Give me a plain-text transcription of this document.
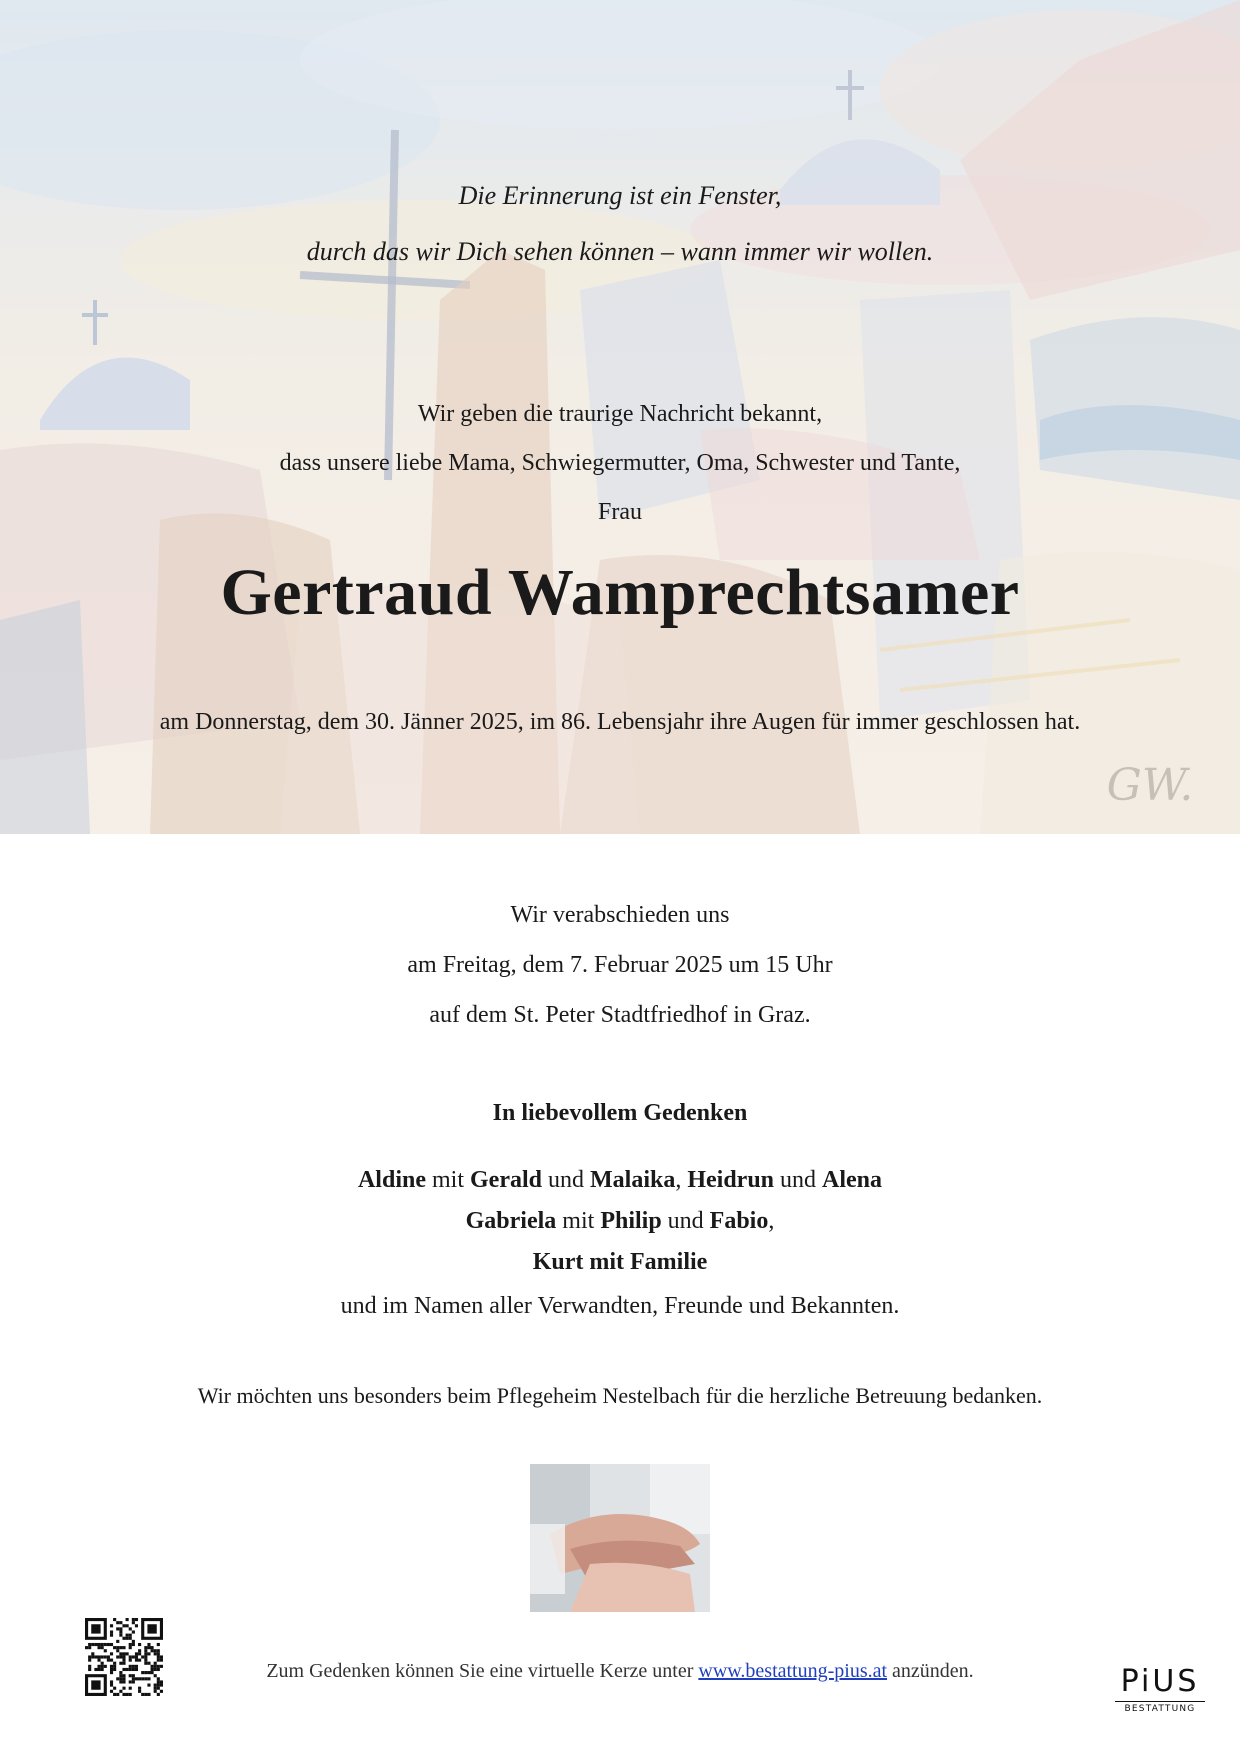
GW.
Die Erinnerung ist ein Fenster,
durch das wir Dich sehen können – wann immer wir wollen.
Wir geben die traurige Nachricht bekannt,
dass unsere liebe Mama, Schwiegermutter, Oma, Schwester und Tante,
Frau
Gertraud Wamprechtsamer
am Donnerstag, dem 30. Jänner 2025, im 86. Lebensjahr ihre Augen für immer geschlossen hat.
Wir verabschieden uns
am Freitag, dem 7. Februar 2025 um 15 Uhr
auf dem St. Peter Stadtfriedhof in Graz.
In liebevollem Gedenken
Aldine mit Gerald und Malaika, Heidrun und Alena
Gabriela mit Philip und Fabio,
Kurt mit Familie
und im Namen aller Verwandten, Freunde und Bekannten.
Wir möchten uns besonders beim Pflegeheim Nestelbach für die herzliche Betreuung bedanken.
Zum Gedenken können Sie eine virtuelle Kerze unter www.bestattung-pius.at anzünden.	PiUS
BESTATTUNG
